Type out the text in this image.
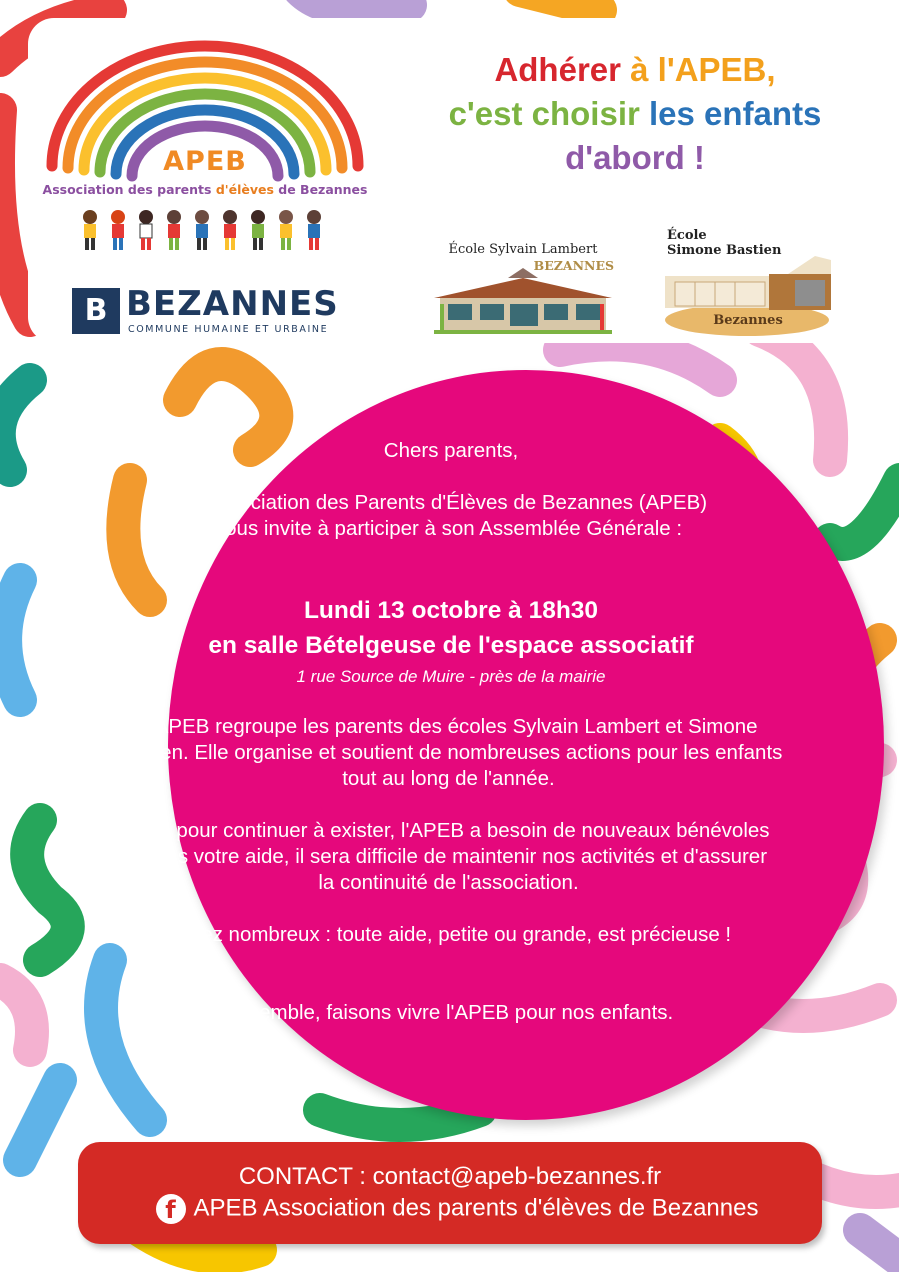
APEB
Association des parents d'élèves de Bezannes
B BEZANNES
COMMUNE HUMAINE ET URBAINE
Adhérer à l'APEB,
c'est choisir les enfants
d'abord !
École Sylvain Lambert
BEZANNES
École
Simone Bastien
Bezannes
Chers parents,
L'Association des Parents d'Élèves de Bezannes (APEB) vous invite à participer à son Assemblée Générale :
Lundi 13 octobre à 18h30
en salle Bételgeuse de l'espace associatif
1 rue Source de Muire - près de la mairie
L'APEB regroupe les parents des écoles Sylvain Lambert et Simone Bastien. Elle organise et soutient de nombreuses actions pour les enfants tout au long de l'année.
Mais pour continuer à exister, l'APEB a besoin de nouveaux bénévoles ! Sans votre aide, il sera difficile de maintenir nos activités et d'assurer la continuité de l'association.
Venez nombreux : toute aide, petite ou grande, est précieuse !
Ensemble, faisons vivre l'APEB pour nos enfants.
CONTACT : contact@apeb-bezannes.fr
f APEB Association des parents d'élèves de Bezannes
